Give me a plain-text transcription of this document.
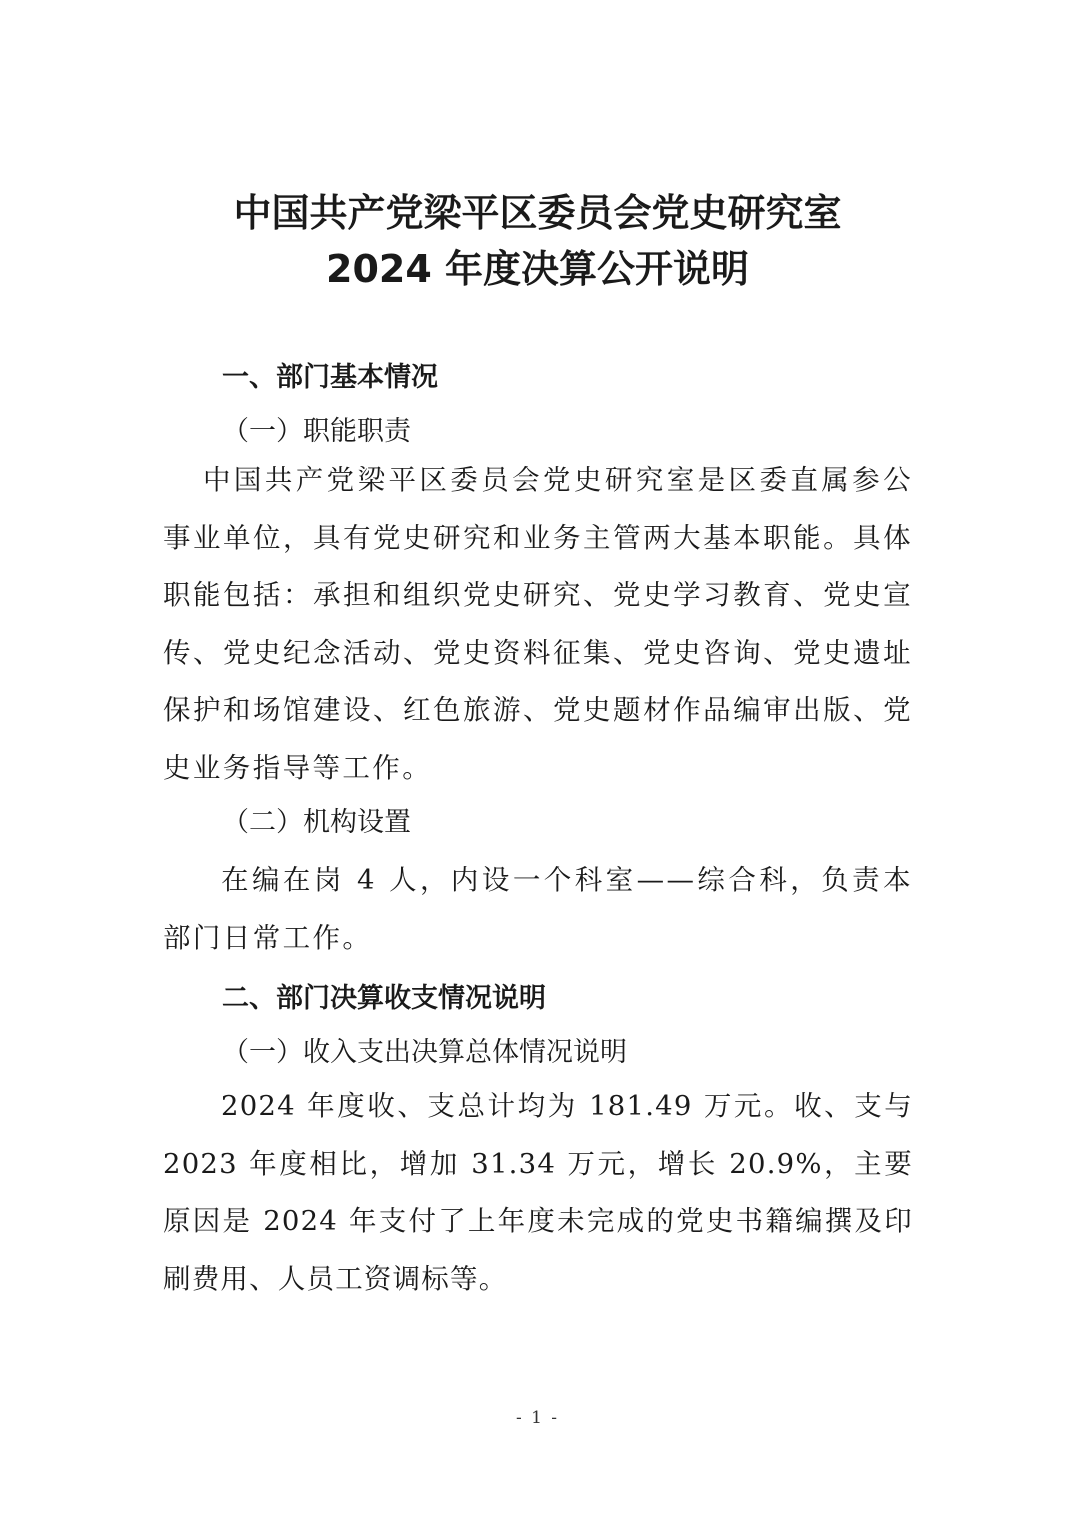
中国共产党梁平区委员会党史研究室
2024 年度决算公开说明
一、部门基本情况
（一）职能职责

中国共产党梁平区委员会党史研究室是区委直属参公事业单位，具有党史研究和业务主管两大基本职能。具体职能包括：承担和组织党史研究、党史学习教育、党史宣传、党史纪念活动、党史资料征集、党史咨询、党史遗址保护和场馆建设、红色旅游、党史题材作品编审出版、党史业务指导等工作。

（二）机构设置

在编在岗 4 人，内设一个科室——综合科，负责本部门日常工作。

二、部门决算收支情况说明
（一）收入支出决算总体情况说明

2024 年度收、支总计均为 181.49 万元。收、支与 2023 年度相比，增加 31.34 万元，增长 20.9%，主要原因是 2024 年支付了上年度未完成的党史书籍编撰及印刷费用、人员工资调标等。

- 1 -
